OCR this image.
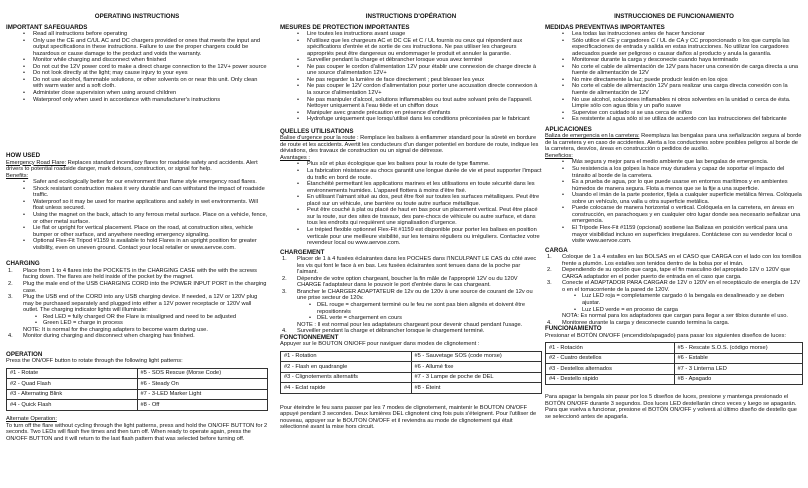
OPERATING INSTRUCTIONS
IMPORTANT SAFEGUARDS
• Read all instructions before operating
• Only use the CE and C/UL AC and DC chargers provided or ones that meets the input and output specifications in these instructions. Failure to use the proper chargers could be hazardous or cause damage to the product and voids the warranty.
• Monitor while charging and disconnect when finished
• Do not cut the 12V power cord to make a direct charge connection to the 12V+ power source
• Do not look directly at the light; may cause injury to your eyes
• Do not use alcohol, flammable solutions, or other solvents on or near this unit. Only clean with warm water and a soft cloth.
• Administer close supervision when using around children
• Waterproof only when used in accordance with manufacturer's instructions
HOW USED

Emergency Road Flare: Replaces standard incendiary flares for roadside safety and accidents. Alert drivers to potential roadside danger, mark detours, construction, or signal for help.

Benefits:

• Safer and ecologically better for our environment than flame style emergency road flares.
• Shock resistant construction makes it very durable and can withstand the impact of roadside traffic.
• Waterproof so it may be used for marine applications and safely in wet environments. Will float unless secured.
• Using the magnet on the back, attach to any ferrous metal surface. Place on a vehicle, fence, or other metal surface.
• Lie flat or upright for vertical placement. Place on the road, at construction sites, vehicle bumper or other surface, and anywhere needing emergency signaling.
• Optional Flex-Fit Tripod #1159 is available to hold Flares in an upright position for greater visibility, even on uneven ground. Contact your local retailer or www.aervoe.com.
CHARGING
1. Place from 1 to 4 flares into the POCKETS in the CHARGING CASE with the with the screws facing down. The flares are held inside of the pocket by the magnet.
2. Plug the male end of the USB CHARGING CORD into the POWER INPUT PORT in the charging case.
3. Plug the USB end of the CORD into any USB charging device. If needed, a 12V or 120V plug may be purchased separately and plugged into either a 12V power receptacle or 120V wall outlet. The charging indicator lights will illuminate:
• Red LED = fully charged OR the Flare is misaligned and need to be adjusted
• Green LED = charge in process
NOTE: It is normal for the charging adapters to become warm during use.
4. Monitor during charging and disconnect when charging has finished.
OPERATION

Press the ON/OFF button to rotate through the following light patterns:

#1 - Rotate	#5 - SOS Rescue (Morse Code)
#2 - Quad Flash	#6 - Steady On
#3 - Alternating Blink	#7 - 3-LED Marker Light
#4 - Quick Flash	#8 - Off

Alternate Operation:

To turn off the flare without cycling through the light patterns, press and hold the ON/OFF BUTTON for 2 seconds. Two LEDs will flash five times and then turn off. When ready to operate again, press the ON/OFF BUTTON and it will return to the last flash pattern that was selected before turning off.

INSTRUCTIONS D'OPÉRATION
MESURES DE PROTECTION IMPORTANTES
• Lire toutes les instructions avant usage
• N'utilisez que les chargeurs AC et DC CE et C / UL fournis ou ceux qui répondent aux spécifications d'entrée et de sortie de ces instructions. Ne pas utiliser les chargeurs appropriés peut être dangereux ou endommager le produit et annuler la garantie.
• Surveiller pendant la charge et débrancher lorsque vous avez terminé
• Ne pas couper le cordon d'alimentation 12V pour établir une connexion de charge directe à une source d'alimentation 12V+
• Ne pas regarder la lumière de face directement ; peut blesser les yeux
• Ne pas couper le 12V cordon d'alimentation pour porter une accusation directe connexion à la source d'alimentation 12V+
• Ne pas manipuler d'alcool, solutions inflammables ou tout autre solvant près de l'appareil. Nettoyer uniquement à l'eau tiède et un chiffon doux
• Manipuler avec grande précaution en présence d'enfants
• Hydrofuge uniquement que lorsqu'utilisé dans les conditions préconisées par le fabricant
QUELLES UTILISATIONS

Balise d'urgence pour la route : Remplace les balises à enflammer standard pour la sûreté en bordure de route et les accidents. Avertit les conducteurs d'un danger potentiel en bordure de route, indique les déviations, des travaux de construction ou un signal de détresse.

Avantages :

• Plus sûr et plus écologique que les balises pour la route de type flamme.
• La fabrication résistance au chocs garantit une longue durée de vie et peut supporter l'impact du trafic en bord de route.
• Étanchéité permettant les applications marines et les utilisations en toute sécurité dans les environnements humides. L'appareil flottera à moins d'être fixé.
• En utilisant l'aimant situé au dos, peut être fixé sur toutes les surfaces métalliques. Peut être placé sur un véhicule, une barrière ou toute autre surface métallique.
• Peut être couché à plat ou placé de haut en bas pour un placement vertical. Peut être placé sur la route, sur des sites de travaux, des pare-chocs de véhicule ou autre surface, et dans tous les endroits qui requièrent une signalisation d'urgence.
• Le trépied flexible optionnel Flex-Fit #1159 est disponible pour porter les balises en position verticale pour une meilleure visibilité, sur les terrains réguliers ou irréguliers. Contactez votre revendeur local ou www.aervoe.com.
CHARGEMENT
1. Placer de 1 à 4 fusées éclairantes dans les POCHES dans l'INCULPANT LE CAS du côté avec les vis qui font le face à en bas. Les fusées éclairantes sont tenues dans de la poche par l'aimant.
2. Dépendre de votre option chargeant, boucher la fin mâle de l'approprié 12V ou du 120V CHARGE l'adaptateur dans le pouvoir le port d'entrée dans le cas chargeant.
3. Brancher le CHARGER ADAPTATEUR de 12v ou de 120v à une source de courant de 12v ou une prise secteur de 120v.
• DEL rouge = chargement terminé ou le feu ne sont pas bien alignés et doivent être repositionnés
• DEL verte = chargement en cours
NOTE : Il est normal pour les adaptateurs chargeant pour devenir chaud pendant l'usage.
4. Surveiller pendant la charge et débrancher lorsque le chargement terminé.
FONCTIONNEMENT

Appuyer sur le BOUTON ON/OFF pour naviguer dans modes de clignotement :

#1 - Rotation	#5 - Sauvetage SOS (code morse)
#2 - Flash en quadrangle	#6 - Allumé fixe
#3 - Clignotements alternatifs	#7 - 3 Lampe de poche de DEL
#4 - Eclat rapide	#8 - Éteint

Pour éteindre le feu sans passer par les 7 modes de clignotement, maintenir le BOUTON ON/OFF appuyé pendant 3 secondes. Deux lumières DEL clignotent cinq fois puis s'éteignent. Pour l'utiliser de nouveau, appuyer sur le BOUTON ON/OFF et il reviendra au mode de clignotement qui était sélectionné avant la mise hors circuit.

INSTRUCCIONES DE FUNCIONAMIENTO
MEDIDAS PREVENTIVAS IMPORTANTES
• Lea todas las instrucciones antes de hacer funcionar
• Sólo utilice el CE y cargadores C / UL de CA y CC proporcionado o los que cumpla las especificaciones de entrada y salida en estas instrucciones. No utilizar los cargadores adecuados puede ser peligroso o causar daños al producto y anula la garantía.
• Monitorear durante la carga y desconecte cuando haya terminado
• No corte el cable de alimentación de 12V para hacer una conexión de carga directa a una fuente de alimentación de 12V
• No mire directamente la luz; puede producir lesión en los ojos
• No corte el cable de alimentación 12V para realizar una carga directa conexión con la fuente de alimentación de 12V
• No use alcohol, soluciones inflamables ni otros solventes en la unidad o cerca de ésta. Limpie sólo con agua tibia y un paño suave
• Supervise con cuidado si se usa cerca de niños
• Es resistente al agua sólo si se utiliza de acuerdo con las instrucciones del fabricante
APLICACIONES

Baliza de emergencia en la carretera: Reemplaza las bengalas para una señalización segura al borde de la carretera y en caso de accidentes. Alerta a los conductores sobre posibles peligros al borde de la carretera, desvíos, áreas en construcción o pedidos de auxilio.

Beneficios:

• Más segura y mejor para el medio ambiente que las bengalas de emergencia.
• Su resistencia a los golpes la hace muy duradera y capaz de soportar el impacto del tránsito al borde de la carretera.
• Es a prueba de agua, por lo que puede usarse en entornos marítimos y en ambientes húmedos de manera segura. Flota a menos que se la fije a una superficie.
• Usando el imán de la parte posterior, fíjela a cualquier superficie metálica férrea. Colóquela sobre un vehículo, una valla u otra superficie metálica.
• Puede colocarse de manera horizontal o vertical. Colóquela en la carretera, en áreas en construcción, en parachoques y en cualquier otro lugar donde sea necesario señalizar una emergencia.
• El Trípode Flex-Fit #1159 (opcional) sostiene las Balizas en posición vertical para una mayor visibilidad incluso en superficies irregulares. Contáctese con su vendedor local o visite www.aervoe.com.
CARGA
1. Coloque de 1 a 4 estalles en las BOLSAS en el CASO que CARGA con el lado con los tornillos frente a plumón. Los estalles son tenidos dentro de la bolsa por el imán.
2. Dependiendo de su opción que carga, tape el fin masculino del apropiado 12V o 120V que CARGA adaptador en el poder puerto de entrada en el caso que carga.
3. Conecte el ADAPTADOR PARA CARGAR de 12V o 120V en el receptáculo de energía de 12V o en el tomacorriente de la pared de 120V.
• Luz LED roja = completamente cargado ó la bengala es desalineado y se deben ajustar.
• Luz LED verde = en proceso de carga
NOTA: Es normal para los adaptadores que cargan para llegar a ser tibios durante el uso.
4. Monitoree durante la carga y desconecte cuando termina la carga.
FUNCIONAMIENTO

Presionar el BOTÓN ON/OFF (encendido/apagado) para pasar los siguientes diseños de luces:

#1 - Rotación	#5 - Rescate S.O.S. (código morse)
#2 - Cuatro destellos	#6 - Estable
#3 - Destellos alternados	#7 - 3 Linterna LED
#4 - Destello rápido	#8 - Apagado

Para apagar la bengala sin pasar por los 5 diseños de luces, presione y mantenga presionado el BOTÓN ON/OFF durante 3 segundos. Dos luces LED destellarán cinco veces y luego se apagarán. Para que vuelva a funcionar, presione el BOTÓN ON/OFF y volverá al último diseño de destello que se seleccionó antes de apagarla.
